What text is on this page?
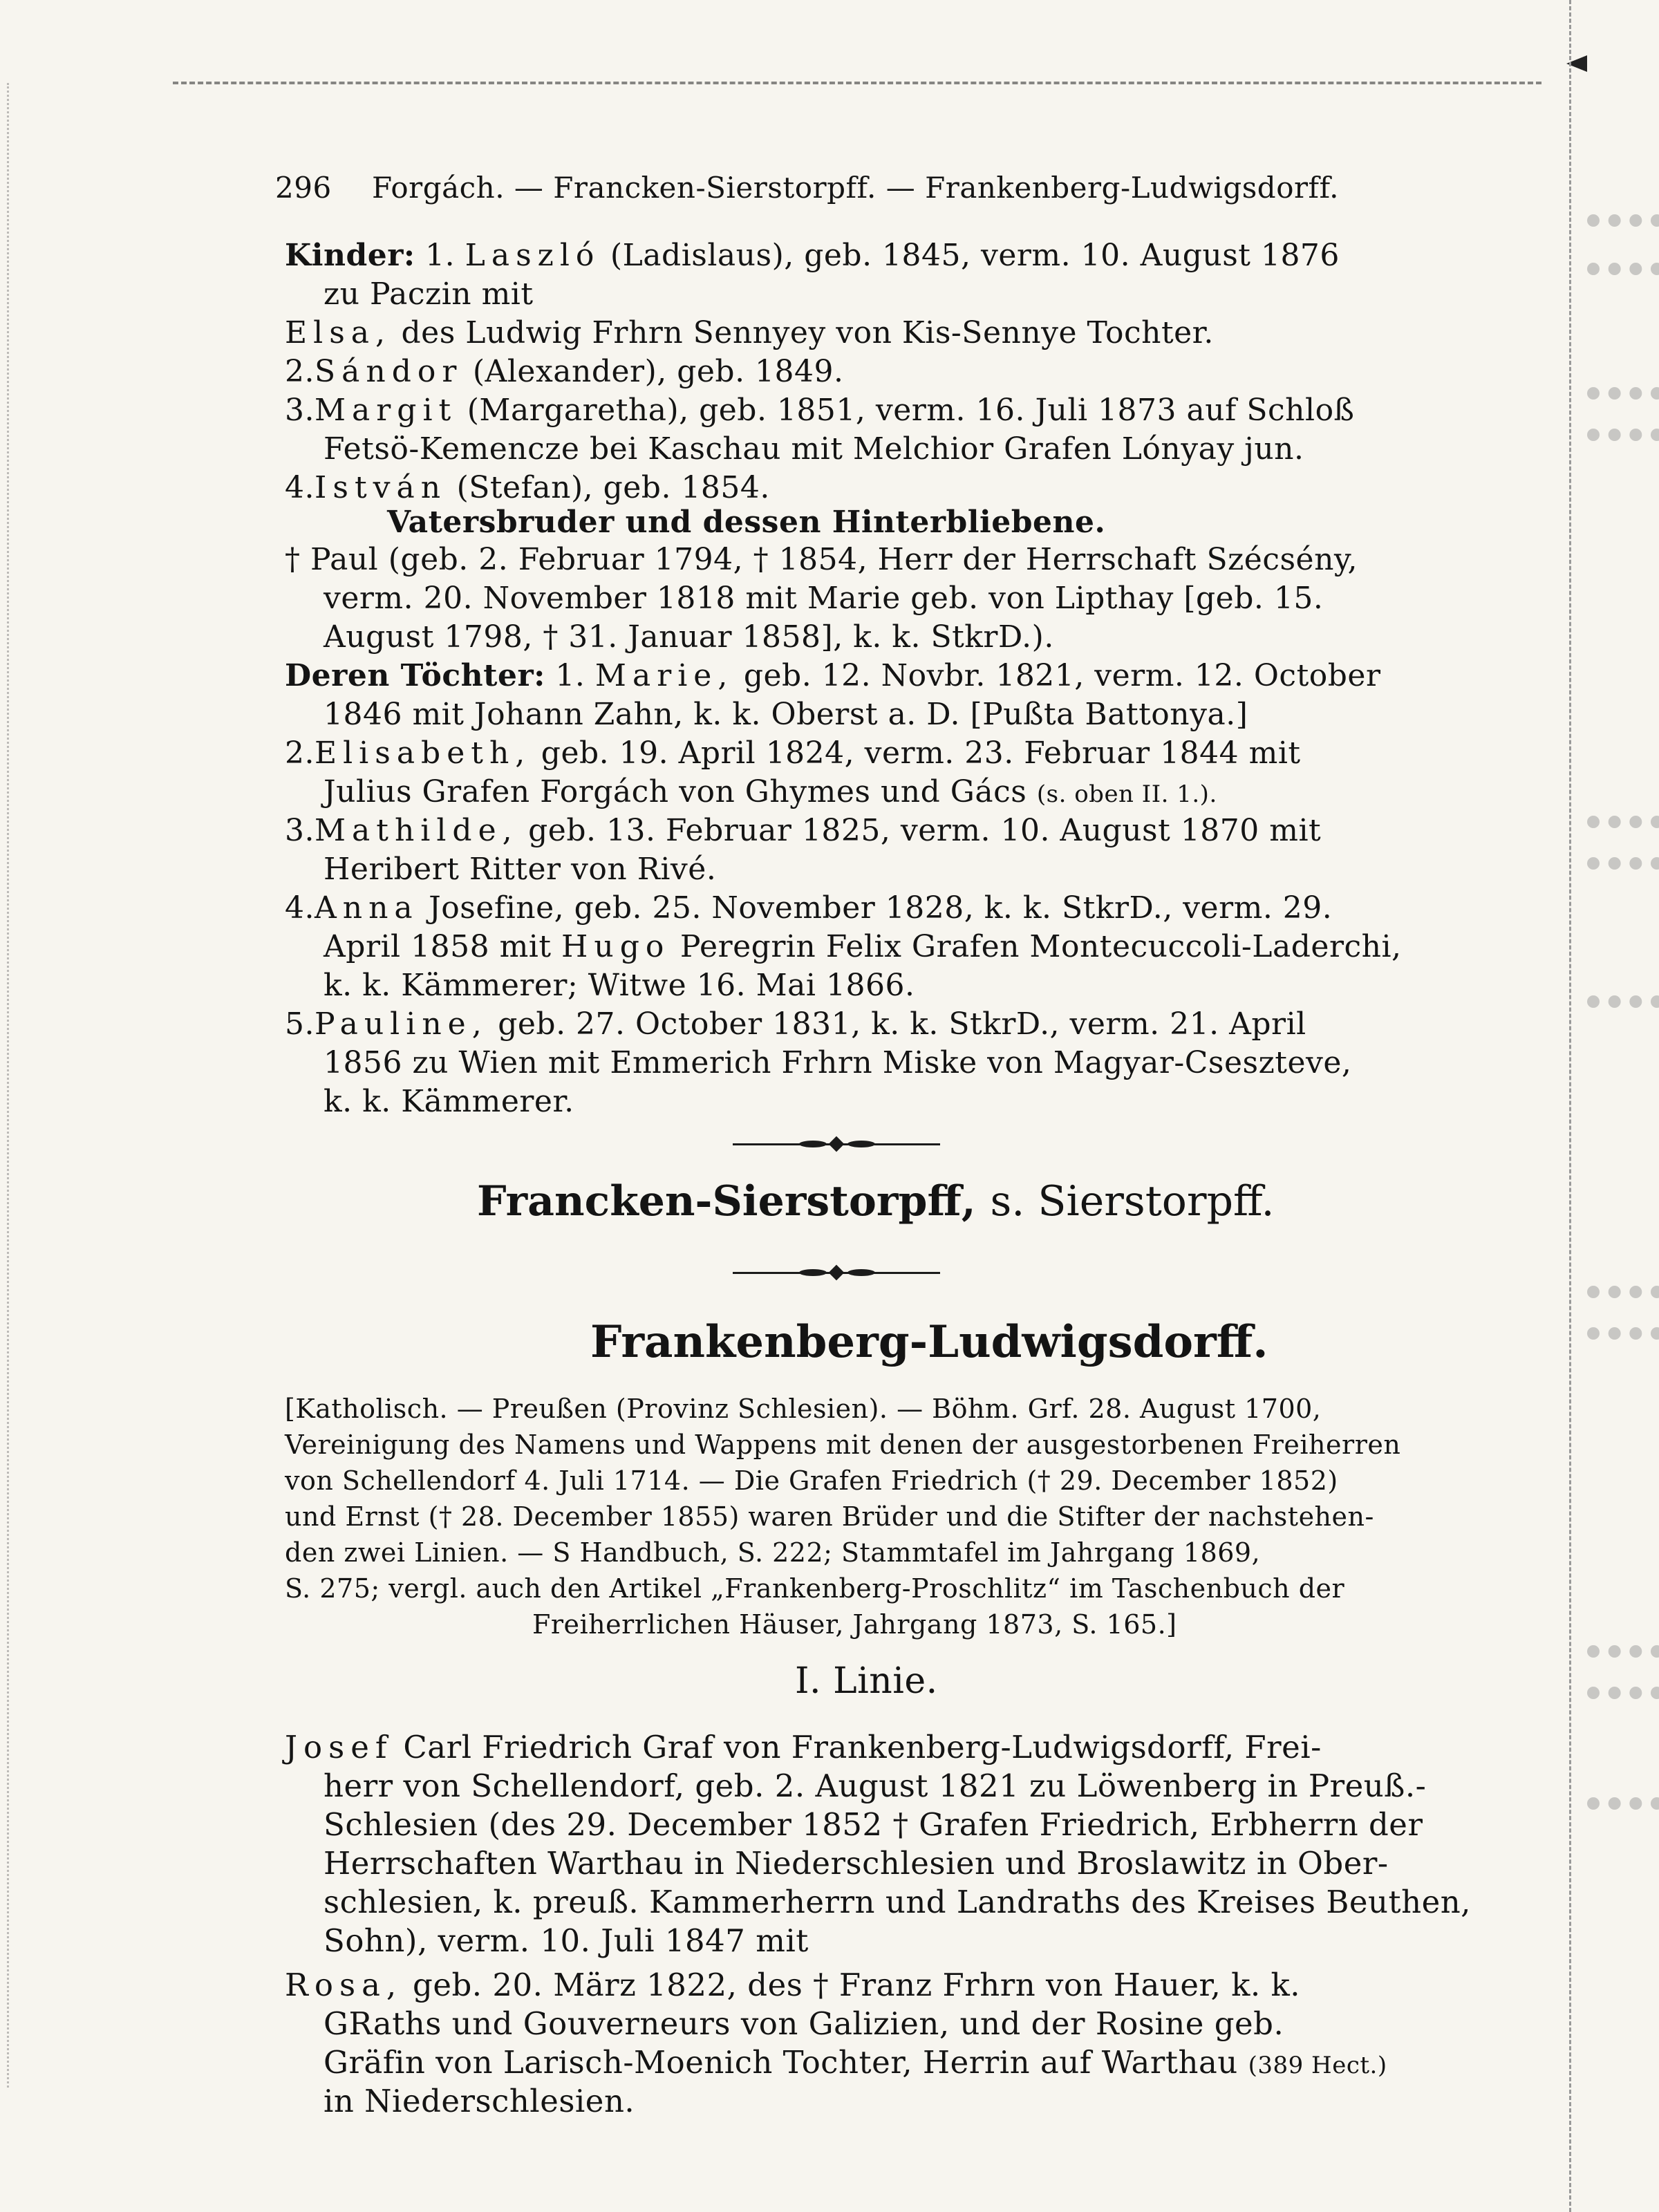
296 Forgách. — Francken-Sierstorpff. — Frankenberg-Ludwigsdorff.
Kinder: 1. Laszló (Ladislaus), geb. 1845, verm. 10. August 1876
zu Paczin mit
Elsa, des Ludwig Frhrn Sennyey von Kis-Sennye Tochter.
2.Sándor (Alexander), geb. 1849.
3.Margit (Margaretha), geb. 1851, verm. 16. Juli 1873 auf Schloß
Fetsö-Kemencze bei Kaschau mit Melchior Grafen Lónyay jun.
4.István (Stefan), geb. 1854.
Vatersbruder und dessen Hinterbliebene.
† Paul (geb. 2. Februar 1794, † 1854, Herr der Herrschaft Szécsény,
verm. 20. November 1818 mit Marie geb. von Lipthay [geb. 15.
August 1798, † 31. Januar 1858], k. k. StkrD.).
Deren Töchter: 1. Marie, geb. 12. Novbr. 1821, verm. 12. October
1846 mit Johann Zahn, k. k. Oberst a. D. [Pußta Battonya.]
2.Elisabeth, geb. 19. April 1824, verm. 23. Februar 1844 mit
Julius Grafen Forgách von Ghymes und Gács (s. oben II. 1.).
3.Mathilde, geb. 13. Februar 1825, verm. 10. August 1870 mit
Heribert Ritter von Rivé.
4.Anna Josefine, geb. 25. November 1828, k. k. StkrD., verm. 29.
April 1858 mit Hugo Peregrin Felix Grafen Montecuccoli-Laderchi,
k. k. Kämmerer; Witwe 16. Mai 1866.
5.Pauline, geb. 27. October 1831, k. k. StkrD., verm. 21. April
1856 zu Wien mit Emmerich Frhrn Miske von Magyar-Cseszteve,
k. k. Kämmerer.
Francken-Sierstorpff, s. Sierstorpff.
Frankenberg-Ludwigsdorff.
[Katholisch. — Preußen (Provinz Schlesien). — Böhm. Grf. 28. August 1700,
Vereinigung des Namens und Wappens mit denen der ausgestorbenen Freiherren
von Schellendorf 4. Juli 1714. — Die Grafen Friedrich († 29. December 1852)
und Ernst († 28. December 1855) waren Brüder und die Stifter der nachstehen-
den zwei Linien. — S Handbuch, S. 222; Stammtafel im Jahrgang 1869,
S. 275; vergl. auch den Artikel „Frankenberg-Proschlitz“ im Taschenbuch der
Freiherrlichen Häuser, Jahrgang 1873, S. 165.]
I. Linie.
Josef Carl Friedrich Graf von Frankenberg-Ludwigsdorff, Frei-
herr von Schellendorf, geb. 2. August 1821 zu Löwenberg in Preuß.-
Schlesien (des 29. December 1852 † Grafen Friedrich, Erbherrn der
Herrschaften Warthau in Niederschlesien und Broslawitz in Ober-
schlesien, k. preuß. Kammerherrn und Landraths des Kreises Beuthen,
Sohn), verm. 10. Juli 1847 mit
Rosa, geb. 20. März 1822, des † Franz Frhrn von Hauer, k. k.
GRaths und Gouverneurs von Galizien, und der Rosine geb.
Gräfin von Larisch-Moenich Tochter, Herrin auf Warthau (389 Hect.)
in Niederschlesien.
